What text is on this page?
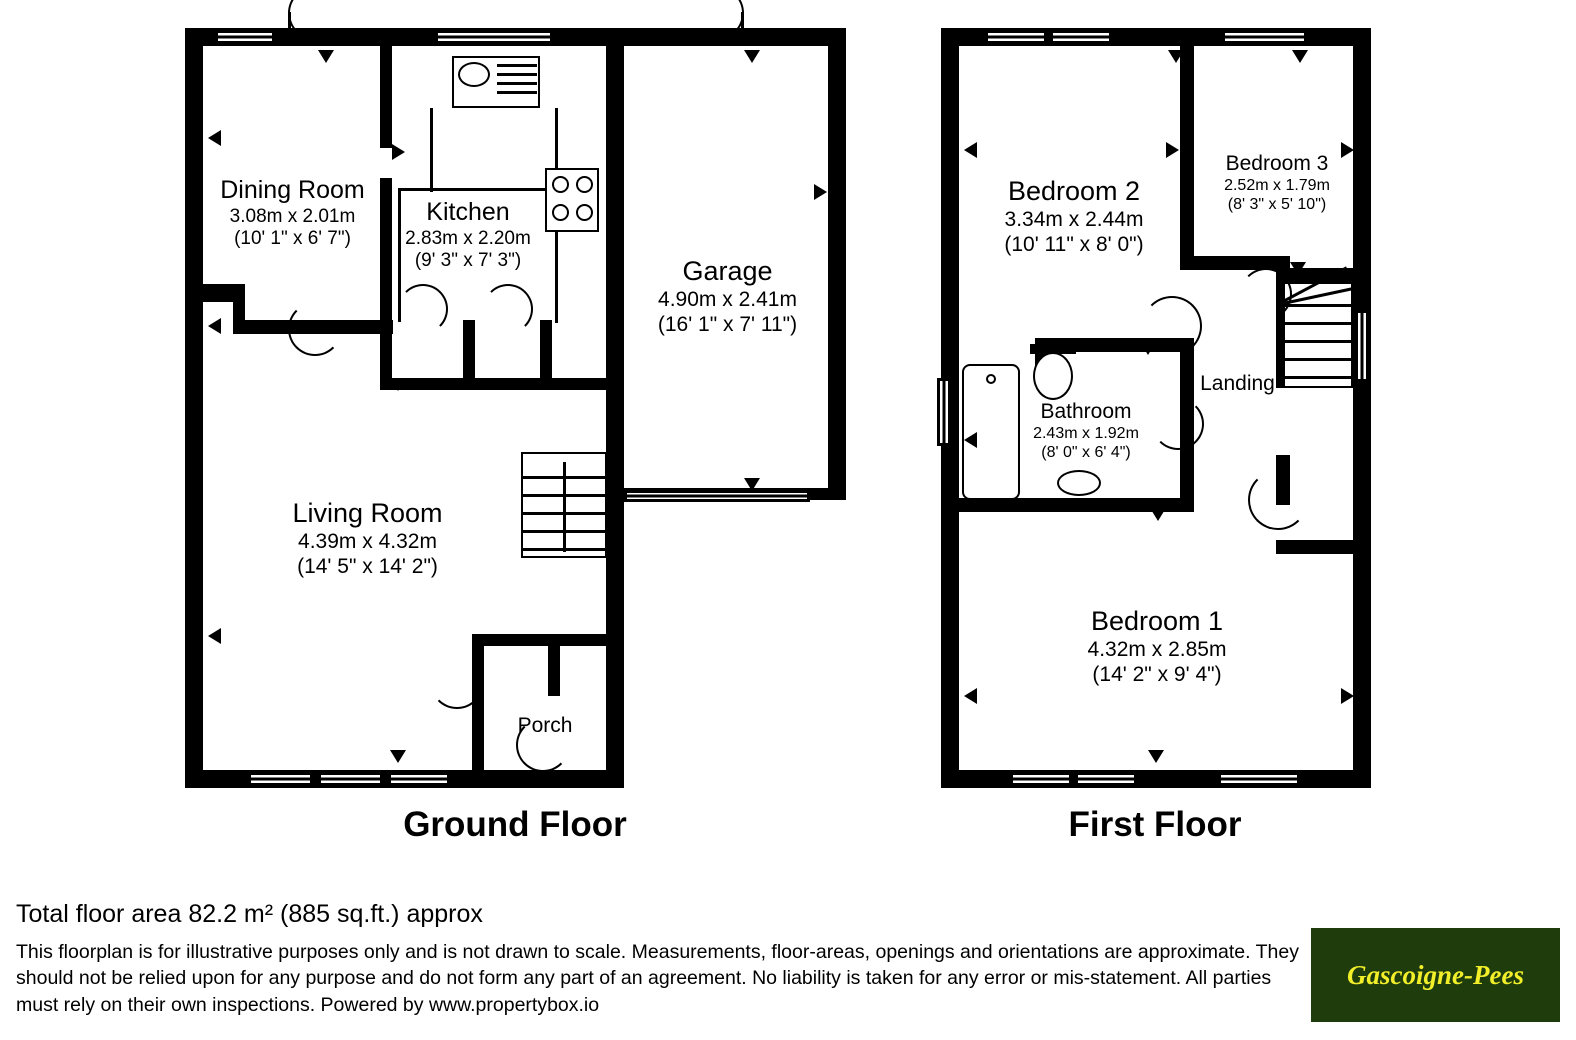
Dining Room
3.08m x 2.01m
(10' 1" x 6' 7")
Kitchen
2.83m x 2.20m
(9' 3" x 7' 3")	Garage
4.90m x 2.41m
(16' 1" x 7' 11")
Living Room
4.39m x 4.32m
(14' 5" x 14' 2")
Porch
Ground Floor
Bedroom 2
3.34m x 2.44m
(10' 11" x 8' 0")
Bedroom 3
2.52m x 1.79m
(8' 3" x 5' 10")
Bathroom
2.43m x 1.92m
(8' 0" x 6' 4")
Landing
Bedroom 1
4.32m x 2.85m
(14' 2" x 9' 4")
First Floor
Total floor area 82.2 m² (885 sq.ft.) approx
This floorplan is for illustrative purposes only and is not drawn to scale. Measurements, floor-areas, openings and orientations are approximate. They should not be relied upon for any purpose and do not form any part of an agreement. No liability is taken for any error or mis-statement. All parties must rely on their own inspections. Powered by www.propertybox.io
Gascoigne-Pees
